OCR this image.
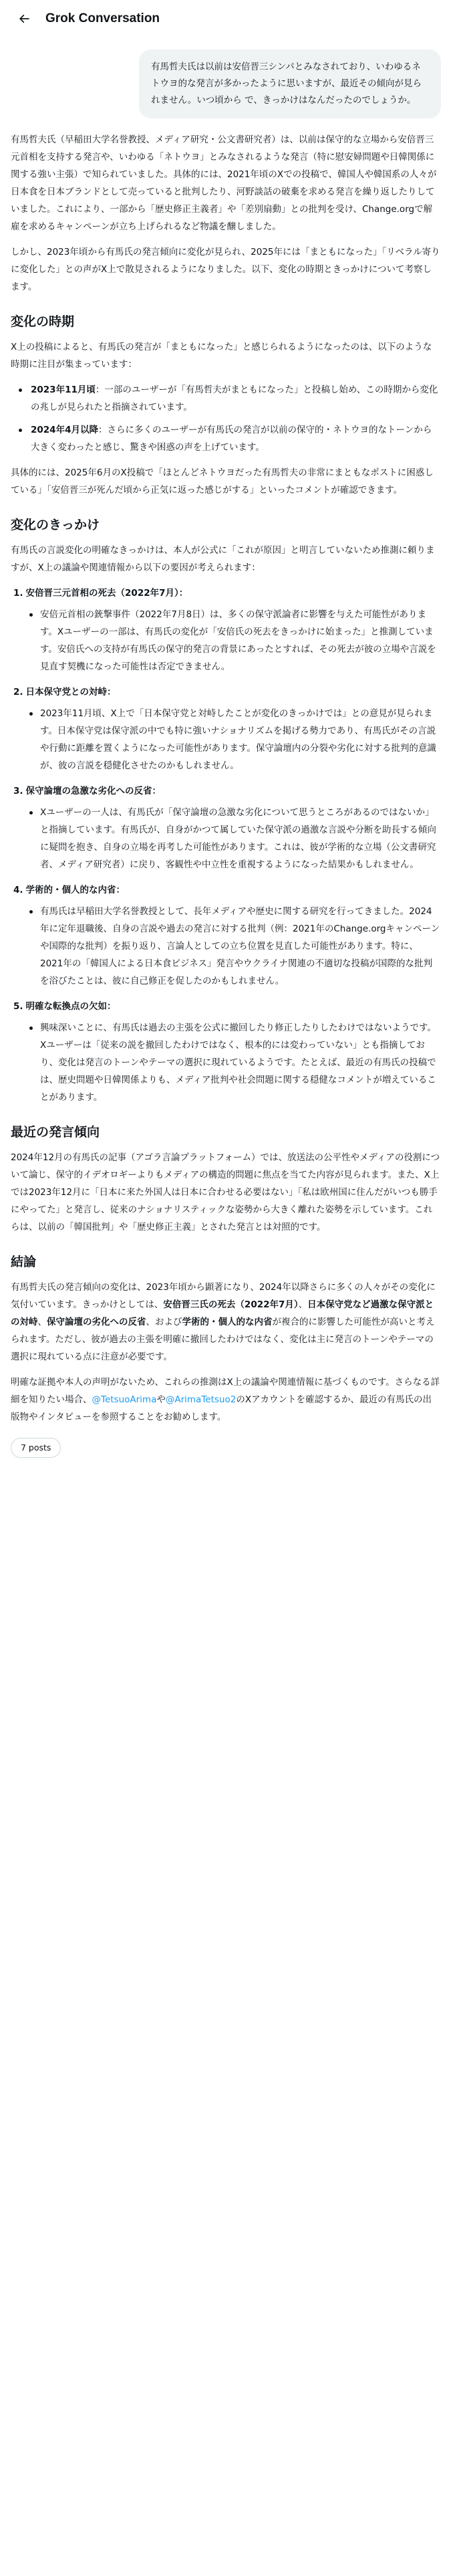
Grok Conversation
有馬哲夫氏は以前は安倍晋三シンパとみなされており、いわゆるネトウヨ的な発言が多かったように思いますが、最近その傾向が見られません。いつ頃から で、きっかけはなんだったのでしょうか。

有馬哲夫氏（早稲田大学名誉教授、メディア研究・公文書研究者）は、以前は保守的な立場から安倍晋三元首相を支持する発言や、いわゆる「ネトウヨ」とみなされるような発言（特に慰安婦問題や日韓関係に関する強い主張）で知られていました。具体的には、2021年頃のXでの投稿で、韓国人や韓国系の人々が日本食を日本ブランドとして売っていると批判したり、河野談話の破棄を求める発言を繰り返したりしていました。これにより、一部から「歴史修正主義者」や「差別扇動」との批判を受け、Change.orgで解雇を求めるキャンペーンが立ち上げられるなど物議を醸しました。

しかし、2023年頃から有馬氏の発言傾向に変化が見られ、2025年には「まともになった」「リベラル寄りに変化した」との声がX上で散見されるようになりました。以下、変化の時期ときっかけについて考察します。

変化の時期

X上の投稿によると、有馬氏の発言が「まともになった」と感じられるようになったのは、以下のような時期に注目が集まっています：

2023年11月頃：一部のユーザーが「有馬哲夫がまともになった」と投稿し始め、この時期から変化の兆しが見られたと指摘されています。
2024年4月以降：さらに多くのユーザーが有馬氏の発言が以前の保守的・ネトウヨ的なトーンから大きく変わったと感じ、驚きや困惑の声を上げています。

具体的には、2025年6月のX投稿で「ほとんどネトウヨだった有馬哲夫の非常にまともなポストに困惑している」「安倍晋三が死んだ頃から正気に返った感じがする」といったコメントが確認できます。

変化のきっかけ

有馬氏の言説変化の明確なきっかけは、本人が公式に「これが原因」と明言していないため推測に頼りますが、X上の議論や関連情報から以下の要因が考えられます：

1. 安倍晋三元首相の死去（2022年7月）：
安倍元首相の銃撃事件（2022年7月8日）は、多くの保守派論者に影響を与えた可能性があります。Xユーザーの一部は、有馬氏の変化が「安倍氏の死去をきっかけに始まった」と推測しています。安倍氏への支持が有馬氏の保守的発言の背景にあったとすれば、その死去が彼の立場や言説を見直す契機になった可能性は否定できません。
2. 日本保守党との対峙：
2023年11月頃、X上で「日本保守党と対峙したことが変化のきっかけでは」との意見が見られます。日本保守党は保守派の中でも特に強いナショナリズムを掲げる勢力であり、有馬氏がその言説や行動に距離を置くようになった可能性があります。保守論壇内の分裂や劣化に対する批判的意識が、彼の言説を穏健化させたのかもしれません。
3. 保守論壇の急激な劣化への反省：
Xユーザーの一人は、有馬氏が「保守論壇の急激な劣化について思うところがあるのではないか」と指摘しています。有馬氏が、自身がかつて属していた保守派の過激な言説や分断を助長する傾向に疑問を抱き、自身の立場を再考した可能性があります。これは、彼が学術的な立場（公文書研究者、メディア研究者）に戻り、客観性や中立性を重視するようになった結果かもしれません。
4. 学術的・個人的な内省：
有馬氏は早稲田大学名誉教授として、長年メディアや歴史に関する研究を行ってきました。2024年に定年退職後、自身の言説や過去の発言に対する批判（例：2021年のChange.orgキャンペーンや国際的な批判）を振り返り、言論人としての立ち位置を見直した可能性があります。特に、2021年の「韓国人による日本食ビジネス」発言やウクライナ関連の不適切な投稿が国際的な批判を浴びたことは、彼に自己修正を促したのかもしれません。
5. 明確な転換点の欠如：
興味深いことに、有馬氏は過去の主張を公式に撤回したり修正したりしたわけではないようです。Xユーザーは「従来の説を撤回したわけではなく、根本的には変わっていない」とも指摘しており、変化は発言のトーンやテーマの選択に現れているようです。たとえば、最近の有馬氏の投稿では、歴史問題や日韓関係よりも、メディア批判や社会問題に関する穏健なコメントが増えていることがあります。
最近の発言傾向

2024年12月の有馬氏の記事（アゴラ言論プラットフォーム）では、放送法の公平性やメディアの役割について論じ、保守的イデオロギーよりもメディアの構造的問題に焦点を当てた内容が見られます。また、X上では2023年12月に「日本に来た外国人は日本に合わせる必要はない」「私は欧州国に住んだがいつも勝手にやってた」と発言し、従来のナショナリスティックな姿勢から大きく離れた姿勢を示しています。これらは、以前の「韓国批判」や「歴史修正主義」とされた発言とは対照的です。

結論

有馬哲夫氏の発言傾向の変化は、2023年頃から顕著になり、2024年以降さらに多くの人々がその変化に気付いています。きっかけとしては、安倍晋三氏の死去（2022年7月）、日本保守党など過激な保守派との対峙、保守論壇の劣化への反省、および学術的・個人的な内省が複合的に影響した可能性が高いと考えられます。ただし、彼が過去の主張を明確に撤回したわけではなく、変化は主に発言のトーンやテーマの選択に現れている点に注意が必要です。

明確な証拠や本人の声明がないため、これらの推測はX上の議論や関連情報に基づくものです。さらなる詳細を知りたい場合、@TetsuoArimaや@ArimaTetsuo2のXアカウントを確認するか、最近の有馬氏の出版物やインタビューを参照することをお勧めします。

7 posts
